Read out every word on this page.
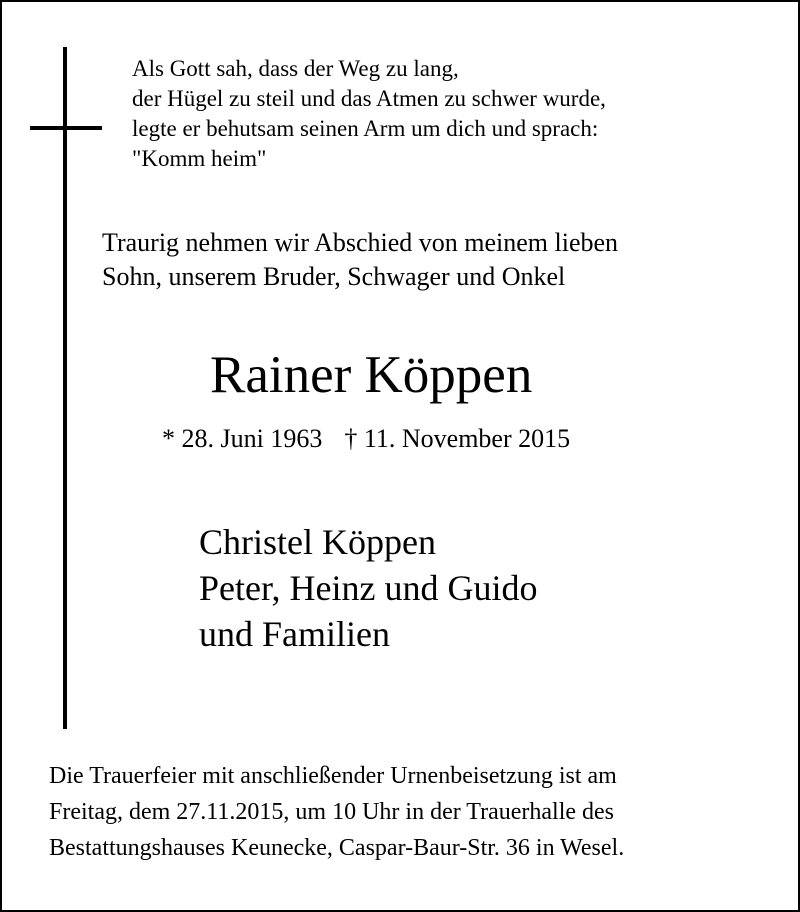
Als Gott sah, dass der Weg zu lang,
der Hügel zu steil und das Atmen zu schwer wurde,
legte er behutsam seinen Arm um dich und sprach:
"Komm heim"
Traurig nehmen wir Abschied von meinem lieben
Sohn, unserem Bruder, Schwager und Onkel
Rainer Köppen
* 28. Juni 1963 † 11. November 2015
Christel Köppen
Peter, Heinz und Guido
und Familien
Die Trauerfeier mit anschließender Urnenbeisetzung ist am
Freitag, dem 27.11.2015, um 10 Uhr in der Trauerhalle des
Bestattungshauses Keunecke, Caspar-Baur-Str. 36 in Wesel.
